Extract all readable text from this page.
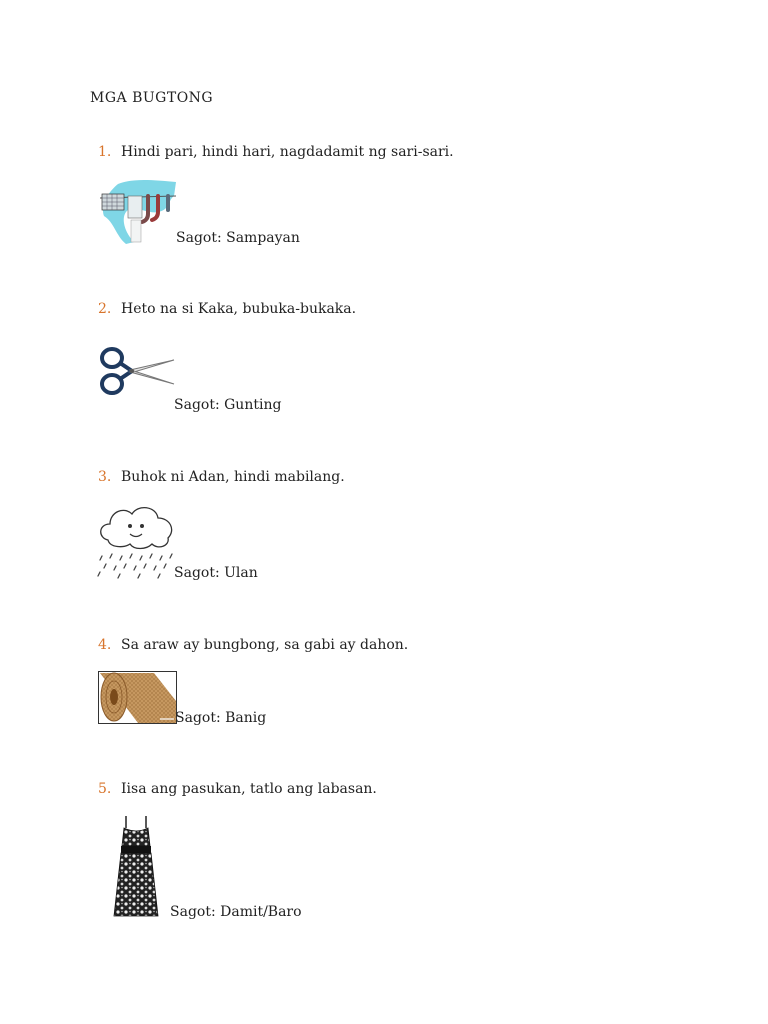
MGA BUGTONG
1. Hindi pari, hindi hari, nagdadamit ng sari-sari.
Sagot: Sampayan
2. Heto na si Kaka, bubuka-bukaka.
Sagot: Gunting
3. Buhok ni Adan, hindi mabilang.
Sagot: Ulan
4. Sa araw ay bungbong, sa gabi ay dahon.
Sagot: Banig
5. Iisa ang pasukan, tatlo ang labasan.
Sagot: Damit/Baro
